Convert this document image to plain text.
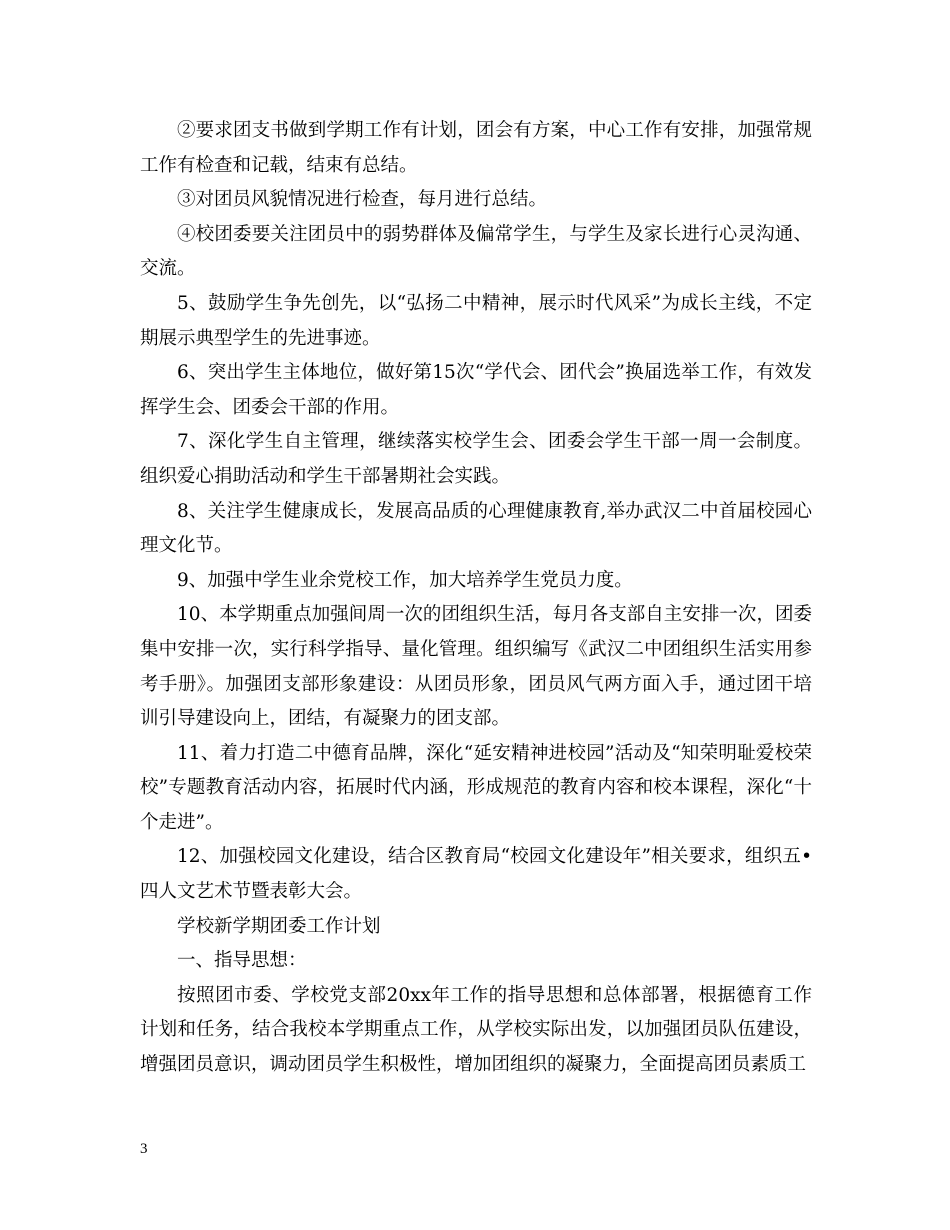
②要求团支书做到学期工作有计划，团会有方案，中心工作有安排，加强常规工作有检查和记载，结束有总结。

③对团员风貌情况进行检查，每月进行总结。

④校团委要关注团员中的弱势群体及偏常学生，与学生及家长进行心灵沟通、交流。

5、鼓励学生争先创先，以“弘扬二中精神，展示时代风采”为成长主线，不定期展示典型学生的先进事迹。

6、突出学生主体地位，做好第15次“学代会、团代会”换届选举工作，有效发挥学生会、团委会干部的作用。

7、深化学生自主管理，继续落实校学生会、团委会学生干部一周一会制度。组织爱心捐助活动和学生干部暑期社会实践。

8、关注学生健康成长，发展高品质的心理健康教育,举办武汉二中首届校园心理文化节。

9、加强中学生业余党校工作，加大培养学生党员力度。

10、本学期重点加强间周一次的团组织生活，每月各支部自主安排一次，团委集中安排一次，实行科学指导、量化管理。组织编写《武汉二中团组织生活实用参考手册》。加强团支部形象建设：从团员形象，团员风气两方面入手，通过团干培训引导建设向上，团结，有凝聚力的团支部。

11、着力打造二中德育品牌，深化“延安精神进校园”活动及“知荣明耻爱校荣校”专题教育活动内容，拓展时代内涵，形成规范的教育内容和校本课程，深化“十个走进”。

12、加强校园文化建设，结合区教育局“校园文化建设年”相关要求，组织五•四人文艺术节暨表彰大会。

学校新学期团委工作计划

一、指导思想：

按照团市委、学校党支部20xx年工作的指导思想和总体部署，根据德育工作计划和任务，结合我校本学期重点工作，从学校实际出发，以加强团员队伍建设，增强团员意识，调动团员学生积极性，增加团组织的凝聚力，全面提高团员素质工

3
